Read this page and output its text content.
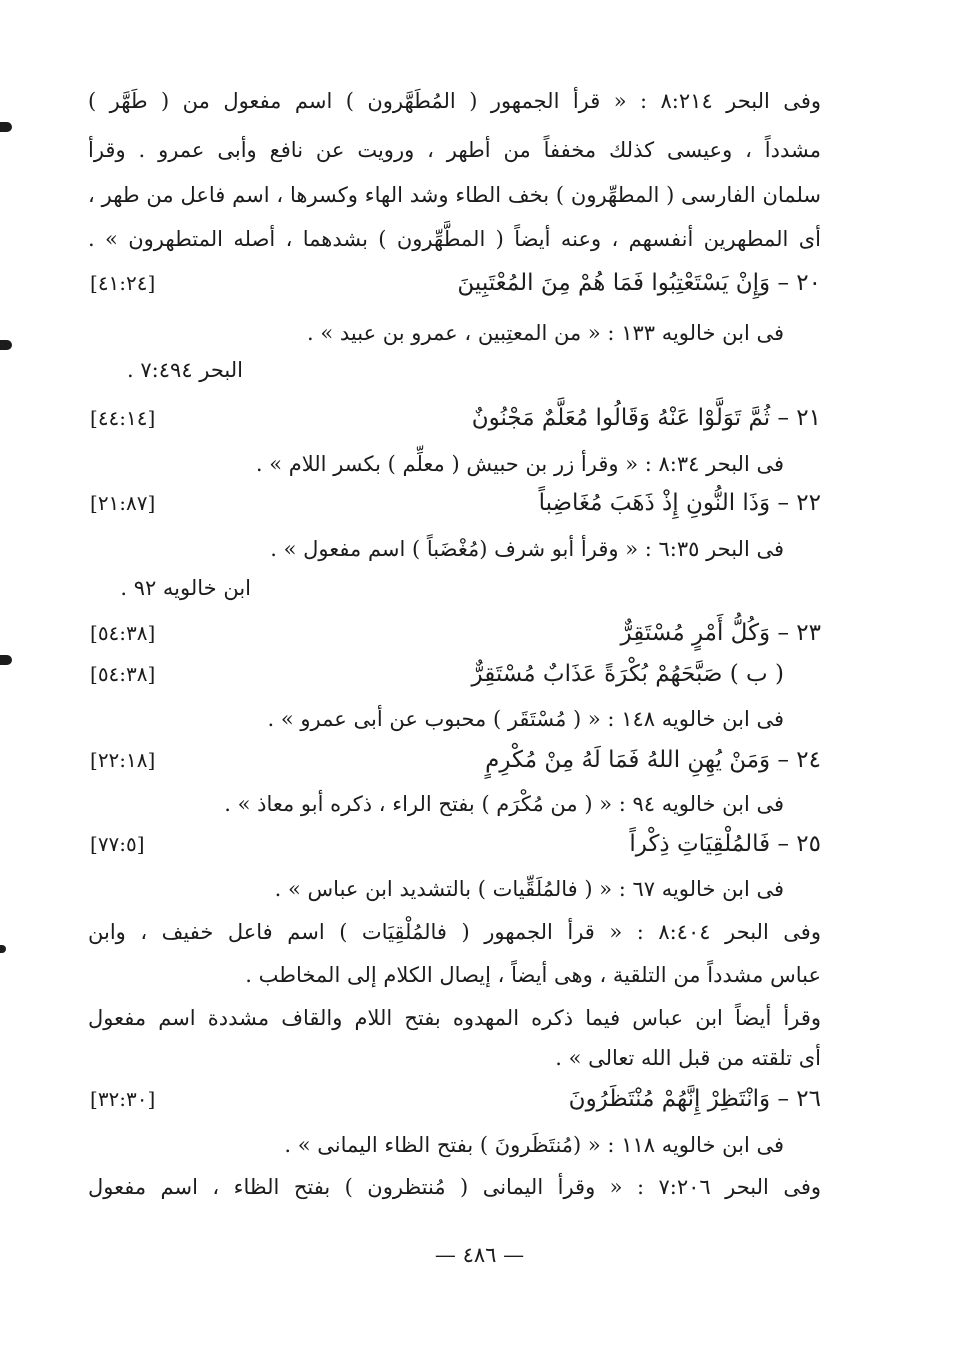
وفى البحر ٨:٢١٤ : « قرأ الجمهور ( المُطَهَّرون ) اسم مفعول من ( طَهَّر )
مشدداً ، وعيسى كذلك مخففاً من أطهر ، ورويت عن نافع وأبى عمرو . وقرأ
سلمان الفارسى ( المطهِّرون ) بخف الطاء وشد الهاء وكسرها ، اسم فاعل من طهر ،
أى المطهرين أنفسهم ، وعنه أيضاً ( المطَّهِّرون ) بشدهما ، أصله المتطهرون » .
٢٠ – وَإِنْ يَسْتَعْتِبُوا فَمَا هُمْ مِنَ المُعْتَبِينَ
[٤١:٢٤]
فى ابن خالويه ١٣٣ : « من المعتِبين ، عمرو بن عبيد » .
البحر ٧:٤٩٤ .
٢١ – ثُمَّ تَوَلَّوْا عَنْهُ وَقَالُوا مُعَلَّمٌ مَجْنُونٌ
[٤٤:١٤]
فى البحر ٨:٣٤ : « وقرأ زر بن حبيش ( معلِّم ) بكسر اللام » .
٢٢ – وَذَا النُّونِ إِذْ ذَهَبَ مُغَاضِباً
[٢١:٨٧]
فى البحر ٦:٣٥ : « وقرأ أبو شرف (مُغْضَباً ) اسم مفعول » .
ابن خالويه ٩٢ .
٢٣ – وَكُلُّ أَمْرٍ مُسْتَقِرٌّ
[٥٤:٣٨]
( ب ) صَبَّحَهُمْ بُكْرَةً عَذَابٌ مُسْتَقِرٌّ
[٥٤:٣٨]
فى ابن خالويه ١٤٨ : « ( مُسْتَقَر ) محبوب عن أبى عمرو » .
٢٤ – وَمَنْ يُهِنِ اللهُ فَمَا لَهُ مِنْ مُكْرِمٍ
[٢٢:١٨]
فى ابن خالويه ٩٤ : « ( من مُكْرَم ) بفتح الراء ، ذكره أبو معاذ » .
٢٥ – فَالمُلْقِيَاتِ ذِكْراً
[٧٧:٥]
فى ابن خالويه ٦٧ : « ( فالمُلَقِّيات ) بالتشديد ابن عباس » .
وفى البحر ٨:٤٠٤ : « قرأ الجمهور ( فالمُلْقِيَات ) اسم فاعل خفيف ، وابن
عباس مشدداً من التلقية ، وهى أيضاً ، إيصال الكلام إلى المخاطب .
وقرأ أيضاً ابن عباس فيما ذكره المهدوه بفتح اللام والقاف مشددة اسم مفعول
أى تلقته من قبل الله تعالى » .
٢٦ – وَانْتَظِرْ إِنَّهُمْ مُنْتَظَرُونَ
[٣٢:٣٠]
فى ابن خالويه ١١٨ : « (مُنتَظَرونَ ) بفتح الظاء اليمانى » .
وفى البحر ٧:٢٠٦ : « وقرأ اليمانى ( مُنتظرون ) بفتح الظاء ، اسم مفعول
— ٤٨٦ —
